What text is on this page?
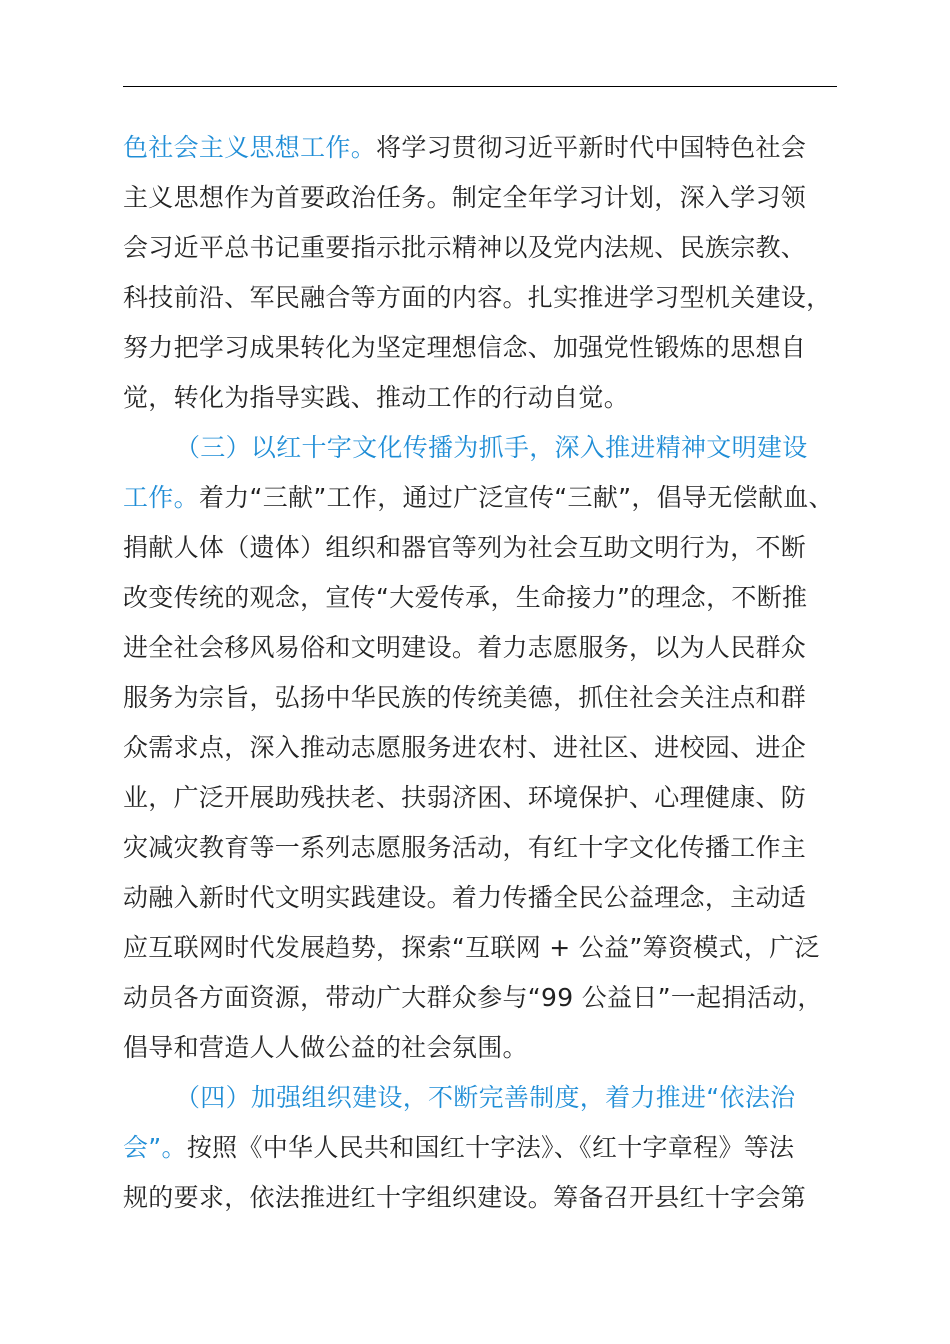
色社会主义思想工作。将学习贯彻习近平新时代中国特色社会
主义思想作为首要政治任务。制定全年学习计划，深入学习领
会习近平总书记重要指示批示精神以及党内法规、民族宗教、
科技前沿、军民融合等方面的内容。扎实推进学习型机关建设，
努力把学习成果转化为坚定理想信念、加强党性锻炼的思想自
觉，转化为指导实践、推动工作的行动自觉。
（三）以红十字文化传播为抓手，深入推进精神文明建设
工作。着力“三献”工作，通过广泛宣传“三献”，倡导无偿献血、
捐献人体（遗体）组织和器官等列为社会互助文明行为，不断
改变传统的观念，宣传“大爱传承，生命接力”的理念，不断推
进全社会移风易俗和文明建设。着力志愿服务，以为人民群众
服务为宗旨，弘扬中华民族的传统美德，抓住社会关注点和群
众需求点，深入推动志愿服务进农村、进社区、进校园、进企
业，广泛开展助残扶老、扶弱济困、环境保护、心理健康、防
灾减灾教育等一系列志愿服务活动，有红十字文化传播工作主
动融入新时代文明实践建设。着力传播全民公益理念，主动适
应互联网时代发展趋势，探索“互联网 + 公益”筹资模式，广泛
动员各方面资源，带动广大群众参与“99 公益日”一起捐活动，
倡导和营造人人做公益的社会氛围。
（四）加强组织建设，不断完善制度，着力推进“依法治
会”。按照《中华人民共和国红十字法》、《红十字章程》等法
规的要求，依法推进红十字组织建设。筹备召开县红十字会第
